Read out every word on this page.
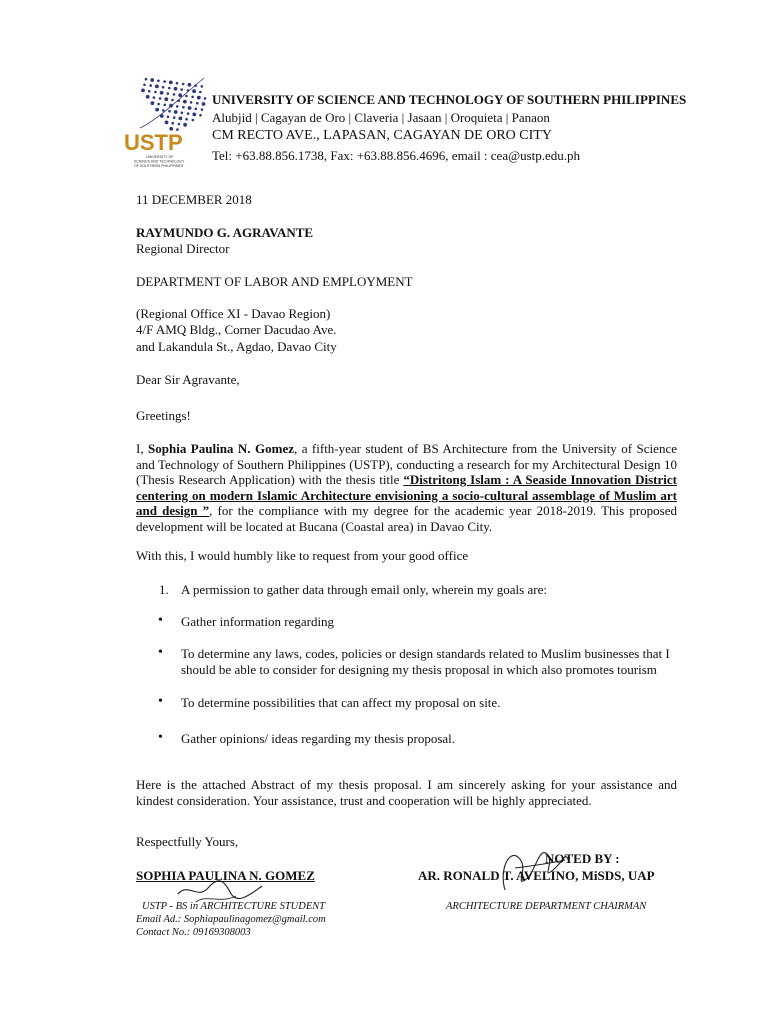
USTP
UNIVERSITY OF
SCIENCE AND TECHNOLOGY
OF SOUTHERN PHILIPPINES
UNIVERSITY OF SCIENCE AND TECHNOLOGY OF SOUTHERN PHILIPPINES
Alubjid | Cagayan de Oro | Claveria | Jasaan | Oroquieta | Panaon
CM RECTO AVE., LAPASAN, CAGAYAN DE ORO CITY
Tel: +63.88.856.1738, Fax: +63.88.856.4696, email : cea@ustp.edu.ph
11 DECEMBER 2018
RAYMUNDO G. AGRAVANTE
Regional Director
DEPARTMENT OF LABOR AND EMPLOYMENT
(Regional Office XI - Davao Region)
4/F AMQ Bldg., Corner Dacudao Ave.
and Lakandula St., Agdao, Davao City
Dear Sir Agravante,
Greetings!
I, Sophia Paulina N. Gomez, a fifth-year student of BS Architecture from the University of Science and Technology of Southern Philippines (USTP), conducting a research for my Architectural Design 10 (Thesis Research Application) with the thesis title “Distritong Islam : A Seaside Innovation District centering on modern Islamic Architecture envisioning a socio-cultural assemblage of Muslim art and design ”, for the compliance with my degree for the academic year 2018-2019. This proposed development will be located at Bucana (Coastal area) in Davao City.
With this, I would humbly like to request from your good office
1. A permission to gather data through email only, wherein my goals are:
• Gather information regarding
• To determine any laws, codes, policies or design standards related to Muslim businesses that I should be able to consider for designing my thesis proposal in which also promotes tourism
• To determine possibilities that can affect my proposal on site.
• Gather opinions/ ideas regarding my thesis proposal.
Here is the attached Abstract of my thesis proposal. I am sincerely asking for your assistance and kindest consideration. Your assistance, trust and cooperation will be highly appreciated.
Respectfully Yours,
NOTED BY :
SOPHIA PAULINA N. GOMEZ	AR. RONALD T. AVELINO, MiSDS, UAP
USTP - BS in ARCHITECTURE STUDENT	ARCHITECTURE DEPARTMENT CHAIRMAN
Email Ad.: Sophiapaulinagomez@gmail.com
Contact No.: 09169308003
